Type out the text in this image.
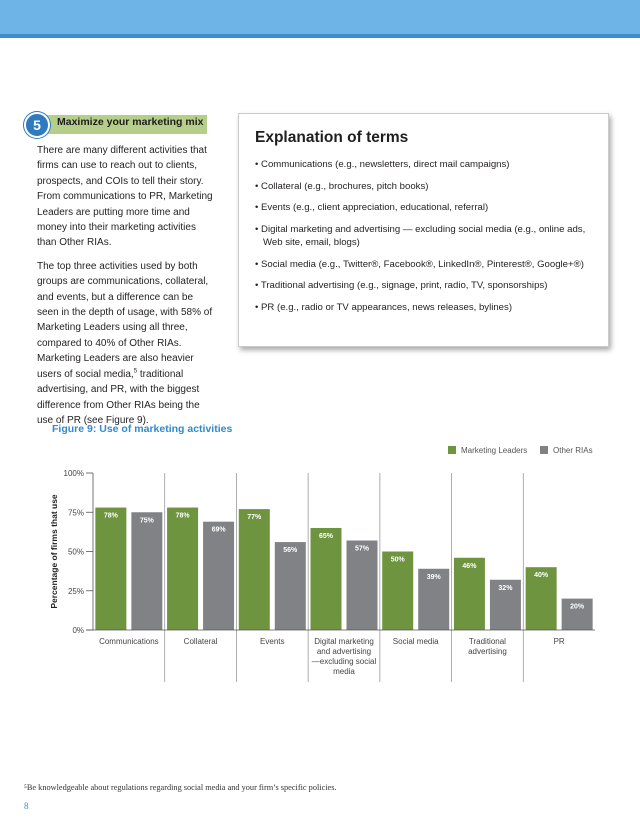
5	Maximize your marketing mix

There are many different activities that firms can use to reach out to clients, prospects, and COIs to tell their story. From communications to PR, Marketing Leaders are putting more time and money into their marketing activities than Other RIAs.

The top three activities used by both groups are communications, collateral, and events, but a difference can be seen in the depth of usage, with 58% of Marketing Leaders using all three, compared to 40% of Other RIAs. Marketing Leaders are also heavier users of social media,$^5$ traditional advertising, and PR, with the biggest difference from Other RIAs being the use of PR (see Figure 9).

Explanation of terms
• Communications (e.g., newsletters, direct mail campaigns)
• Collateral (e.g., brochures, pitch books)
• Events (e.g., client appreciation, educational, referral)
• Digital marketing and advertising — excluding social media (e.g., online ads, Web site, email, blogs)
• Social media (e.g., Twitter®, Facebook®, LinkedIn®, Pinterest®, Google+®)
• Traditional advertising (e.g., signage, print, radio, TV, sponsorships)
• PR (e.g., radio or TV appearances, news releases, bylines)
Figure 9: Use of marketing activities
Marketing Leaders	Other RIAs
Percentage of firms that use
0%
25%
50%
75%
100%
78%	78%	77%
65%
50%
46%
40%
75%
69%
56%	57%
39%
32%
20%
Communications	Collateral	Events	Digital marketing
and advertising
—excluding social
media
Social media	Traditional
advertising
PR
⁵Be knowledgeable about regulations regarding social media and your firm’s specific policies.
8
